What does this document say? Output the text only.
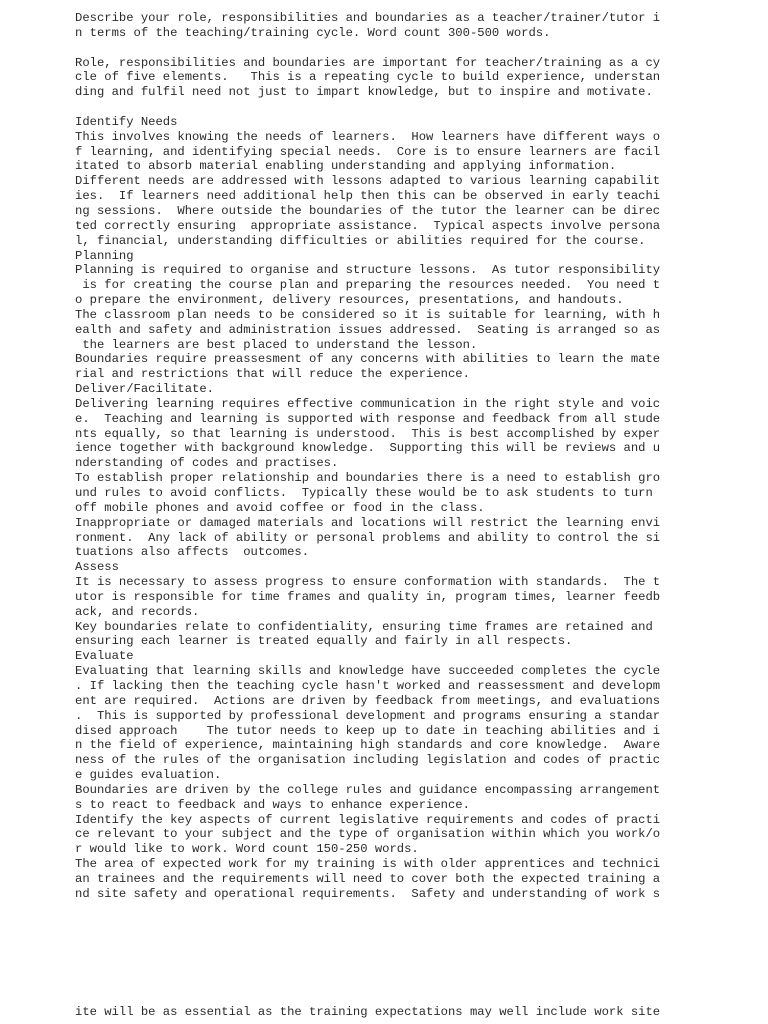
Describe your role, responsibilities and boundaries as a teacher/trainer/tutor i
n terms of the teaching/training cycle. Word count 300-500 words.
Role, responsibilities and boundaries are important for teacher/training as a cy
cle of five elements.   This is a repeating cycle to build experience, understan
ding and fulfil need not just to impart knowledge, but to inspire and motivate.
Identify Needs
This involves knowing the needs of learners.  How learners have different ways o
f learning, and identifying special needs.  Core is to ensure learners are facil
itated to absorb material enabling understanding and applying information.
Different needs are addressed with lessons adapted to various learning capabilit
ies.  If learners need additional help then this can be observed in early teachi
ng sessions.  Where outside the boundaries of the tutor the learner can be direc
ted correctly ensuring  appropriate assistance.  Typical aspects involve persona
l, financial, understanding difficulties or abilities required for the course.
Planning
Planning is required to organise and structure lessons.  As tutor responsibility
is for creating the course plan and preparing the resources needed.  You need t
o prepare the environment, delivery resources, presentations, and handouts.
The classroom plan needs to be considered so it is suitable for learning, with h
ealth and safety and administration issues addressed.  Seating is arranged so as
the learners are best placed to understand the lesson.
Boundaries require preassesment of any concerns with abilities to learn the mate
rial and restrictions that will reduce the experience.
Deliver/Facilitate.
Delivering learning requires effective communication in the right style and voic
e.  Teaching and learning is supported with response and feedback from all stude
nts equally, so that learning is understood.  This is best accomplished by exper
ience together with background knowledge.  Supporting this will be reviews and u
nderstanding of codes and practises.
To establish proper relationship and boundaries there is a need to establish gro
und rules to avoid conflicts.  Typically these would be to ask students to turn
off mobile phones and avoid coffee or food in the class.
Inappropriate or damaged materials and locations will restrict the learning envi
ronment.  Any lack of ability or personal problems and ability to control the si
tuations also affects  outcomes.
Assess
It is necessary to assess progress to ensure conformation with standards.  The t
utor is responsible for time frames and quality in, program times, learner feedb
ack, and records.
Key boundaries relate to confidentiality, ensuring time frames are retained and
ensuring each learner is treated equally and fairly in all respects.
Evaluate
Evaluating that learning skills and knowledge have succeeded completes the cycle
. If lacking then the teaching cycle hasn't worked and reassessment and developm
ent are required.  Actions are driven by feedback from meetings, and evaluations
.  This is supported by professional development and programs ensuring a standar
dised approach    The tutor needs to keep up to date in teaching abilities and i
n the field of experience, maintaining high standards and core knowledge.  Aware
ness of the rules of the organisation including legislation and codes of practic
e guides evaluation.
Boundaries are driven by the college rules and guidance encompassing arrangement
s to react to feedback and ways to enhance experience.
Identify the key aspects of current legislative requirements and codes of practi
ce relevant to your subject and the type of organisation within which you work/o
r would like to work. Word count 150-250 words.
The area of expected work for my training is with older apprentices and technici
an trainees and the requirements will need to cover both the expected training a
nd site safety and operational requirements.  Safety and understanding of work s
ite will be as essential as the training expectations may well include work site
